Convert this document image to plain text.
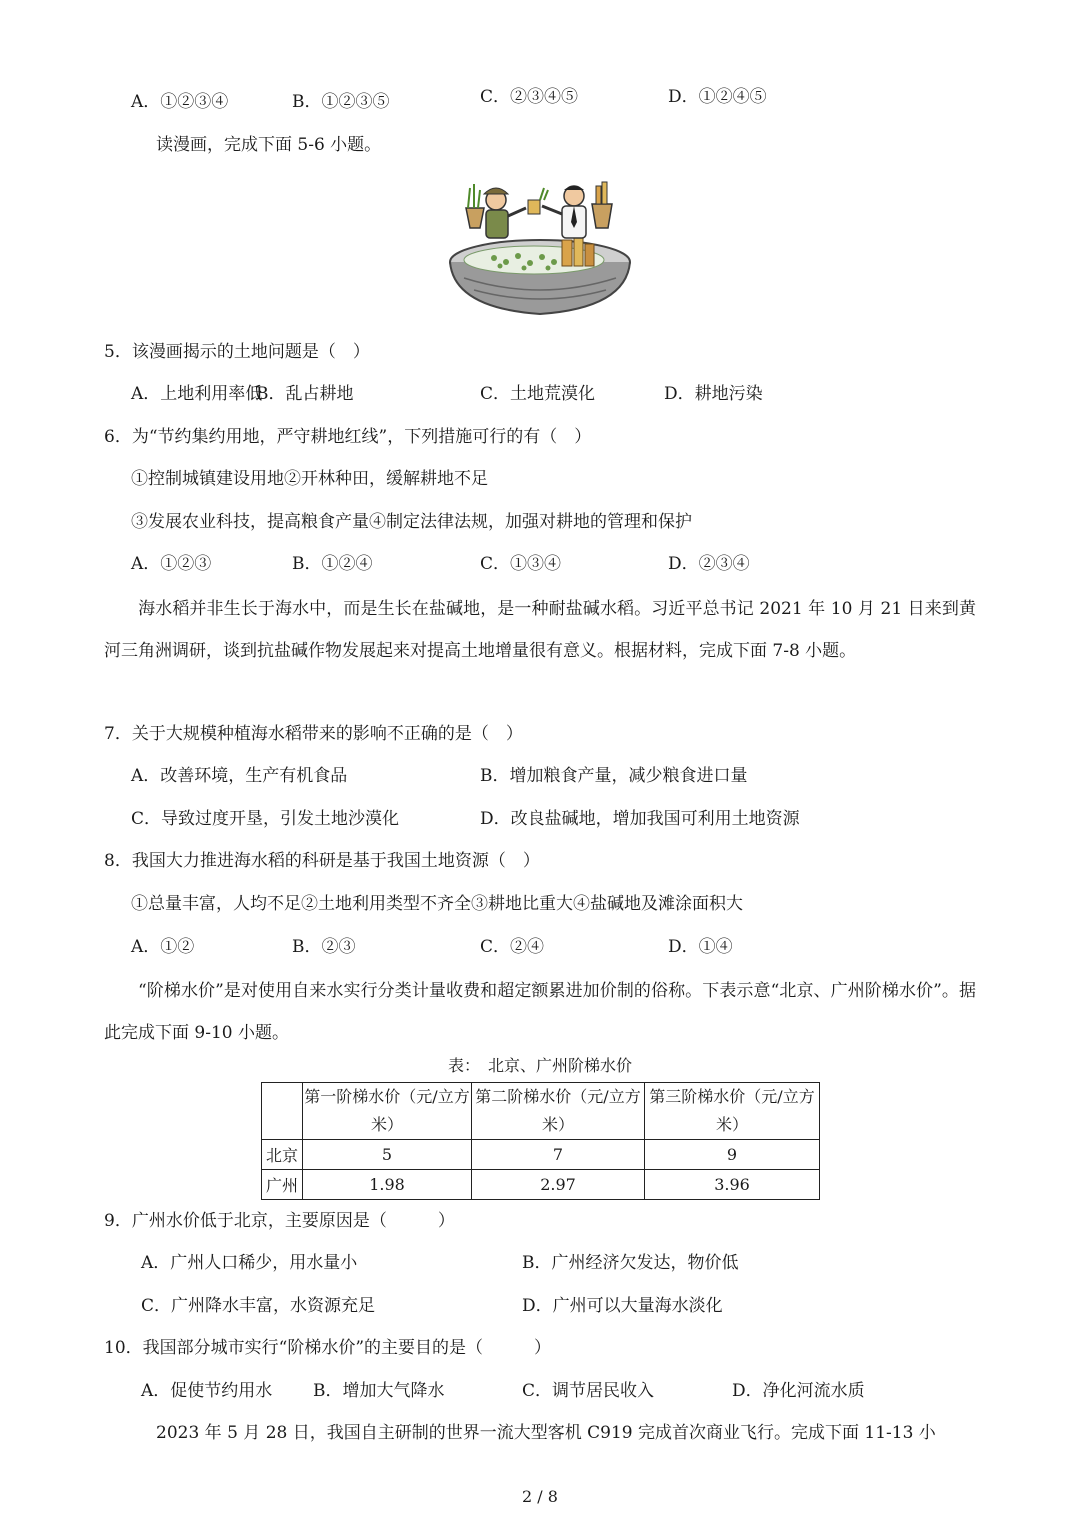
A．①②③④	B．①②③⑤	C．②③④⑤	D．①②④⑤
读漫画，完成下面 5-6 小题。
5．该漫画揭示的土地问题是（　）
A．上地利用率低
B．乱占耕地	C．土地荒漠化	D．耕地污染
6．为“节约集约用地，严守耕地红线”，下列措施可行的有（　）
①控制城镇建设用地②开林种田，缓解耕地不足
③发展农业科技，提高粮食产量④制定法律法规，加强对耕地的管理和保护
A．①②③	B．①②④	C．①③④	D．②③④
海水稻并非生长于海水中，而是生长在盐碱地，是一种耐盐碱水稻。习近平总书记 2021 年 10 月 21 日来到黄河三角洲调研，谈到抗盐碱作物发展起来对提高土地增量很有意义。根据材料，完成下面 7-8 小题。
7．关于大规模种植海水稻带来的影响不正确的是（　）
A．改善环境，生产有机食品	B．增加粮食产量，减少粮食进口量
C．导致过度开垦，引发土地沙漠化	D．改良盐碱地，增加我国可利用土地资源
8．我国大力推进海水稻的科研是基于我国土地资源（　）
①总量丰富，人均不足②土地利用类型不齐全③耕地比重大④盐碱地及滩涂面积大
A．①②	B．②③	C．②④	D．①④
“阶梯水价”是对使用自来水实行分类计量收费和超定额累进加价制的俗称。下表示意“北京、广州阶梯水价”。据此完成下面 9-10 小题。
表：　北京、广州阶梯水价
	第一阶梯水价（元/立方米）	第二阶梯水价（元/立方米）	第三阶梯水价（元/立方米）
北京	5	7	9
广州	1.98	2.97	3.96
9．广州水价低于北京，主要原因是（　　　）
A．广州人口稀少，用水量小	B．广州经济欠发达，物价低
C．广州降水丰富，水资源充足	D．广州可以大量海水淡化
10．我国部分城市实行“阶梯水价”的主要目的是（　　　）
A．促使节约用水 B．增加大气降水	C．调节居民收入	D．净化河流水质
2023 年 5 月 28 日，我国自主研制的世界一流大型客机 C919 完成首次商业飞行。完成下面 11-13 小
2 / 8
